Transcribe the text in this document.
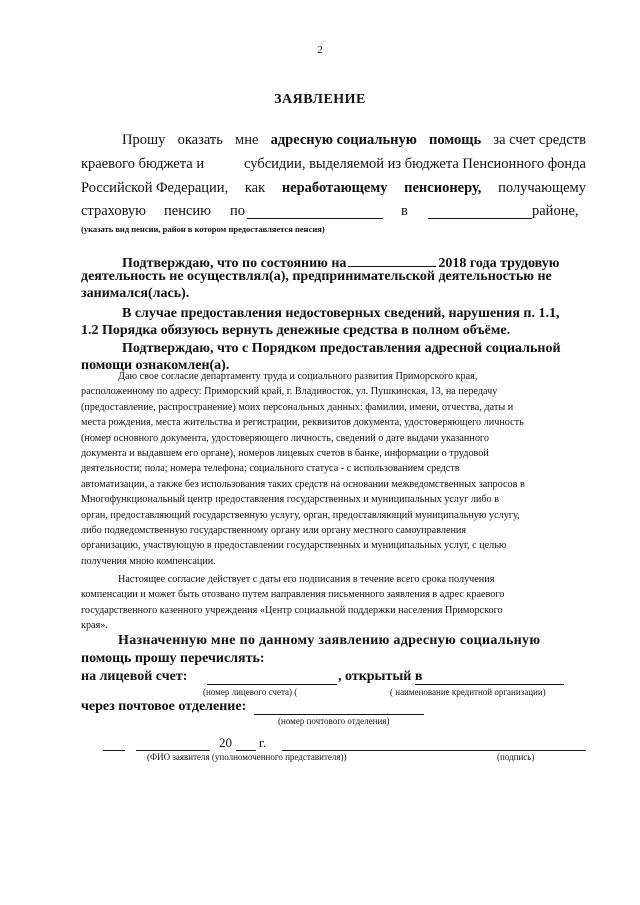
2
ЗАЯВЛЕНИЕ
Прошу оказать мне адресную социальную помощь за счет средств
краевого бюджета и	субсидии, выделяемой из бюджета Пенсионного фонда
Российской Федерации, как неработающему пенсионеру, получающему
страховую пенсию по	в	районе,
(указать вид пенсии, район в котором предоставляется пенсия)
Подтверждаю, что по состоянию на	2018 года трудовую
деятельность не осуществлял(а), предпринимательской деятельностью не
занимался(лась).
В случае предоставления недостоверных сведений, нарушения п. 1.1,
1.2 Порядка обязуюсь вернуть денежные средства в полном объёме.
Подтверждаю, что с Порядком предоставления адресной социальной
помощи ознакомлен(а).
Даю свое согласие департаменту труда и социального развития Приморского края,
расположенному по адресу: Приморский край, г. Владивосток, ул. Пушкинская, 13, на передачу
(предоставление, распространение) моих персональных данных: фамилии, имени, отчества, даты и
места рождения, места жительства и регистрации, реквизитов документа, удостоверяющего личность
(номер основного документа, удостоверяющего личность, сведений о дате выдачи указанного
документа и выдавшем его органе), номеров лицевых счетов в банке, информации о трудовой
деятельности; пола; номера телефона; социального статуса - с использованием средств
автоматизации, а также без использования таких средств на основании межведомственных запросов в
Многофункциональный центр предоставления государственных и муниципальных услуг либо в
орган, предоставляющий государственную услугу, орган, предоставляющий муниципальную услугу,
либо подведомственную государственному органу или органу местного самоуправления
организацию, участвующую в предоставлении государственных и муниципальных услуг, с целью
получения мною компенсации.
Настоящее согласие действует с даты его подписания в течение всего срока получения
компенсации и может быть отозвано путем направления письменного заявления в адрес краевого
государственного казенного учреждения «Центр социальной поддержки населения Приморского
края».
Назначенную мне по данному заявлению адресную социальную
помощь прошу перечислять:
на лицевой счет:	, открытый в
(номер лицевого счета) (	( наименование кредитной организации)
через почтовое отделение:
(номер почтового отделения)
20 г.
(ФИО заявителя (уполномоченного представителя))	(подпись)
